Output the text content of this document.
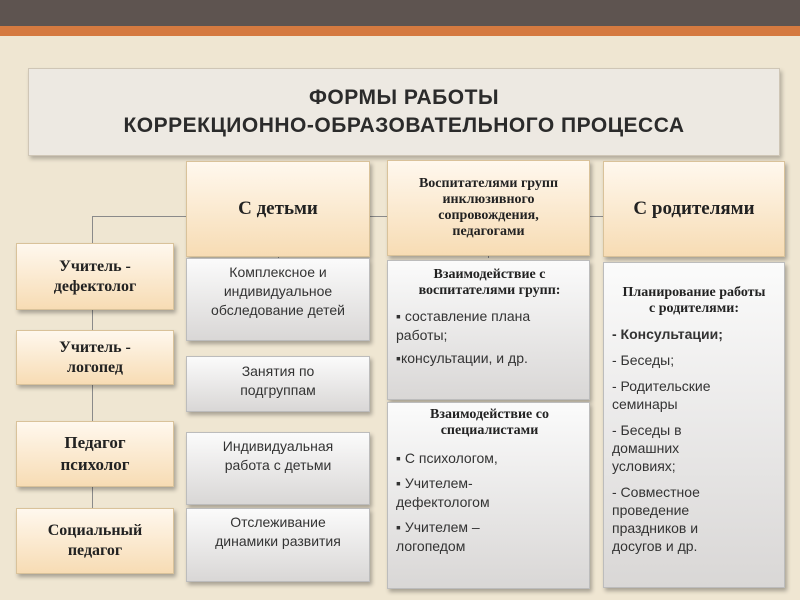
ФОРМЫ РАБОТЫ
КОРРЕКЦИОННО-ОБРАЗОВАТЕЛЬНОГО ПРОЦЕССА
Учитель - дефектолог
Учитель - логопед
Педагог психолог
Социальный педагог
С детьми
Комплексное и индивидуальное обследование детей
Занятия по подгруппам
Индивидуальная работа с детьми
Отслеживание динамики развития
Воспитателями групп инклюзивного сопровождения, педагогами
Взаимодействие с воспитателями групп:
▪ составление плана работы;
▪консультации, и др.
Взаимодействие со специалистами
▪ С психологом,
▪ Учителем-дефектологом
▪ Учителем – логопедом
С родителями
Планирование работы с родителями:
- Консультации;
- Беседы;
- Родительские семинары
- Беседы в домашних условиях;
- Совместное проведение праздников и досугов и др.
